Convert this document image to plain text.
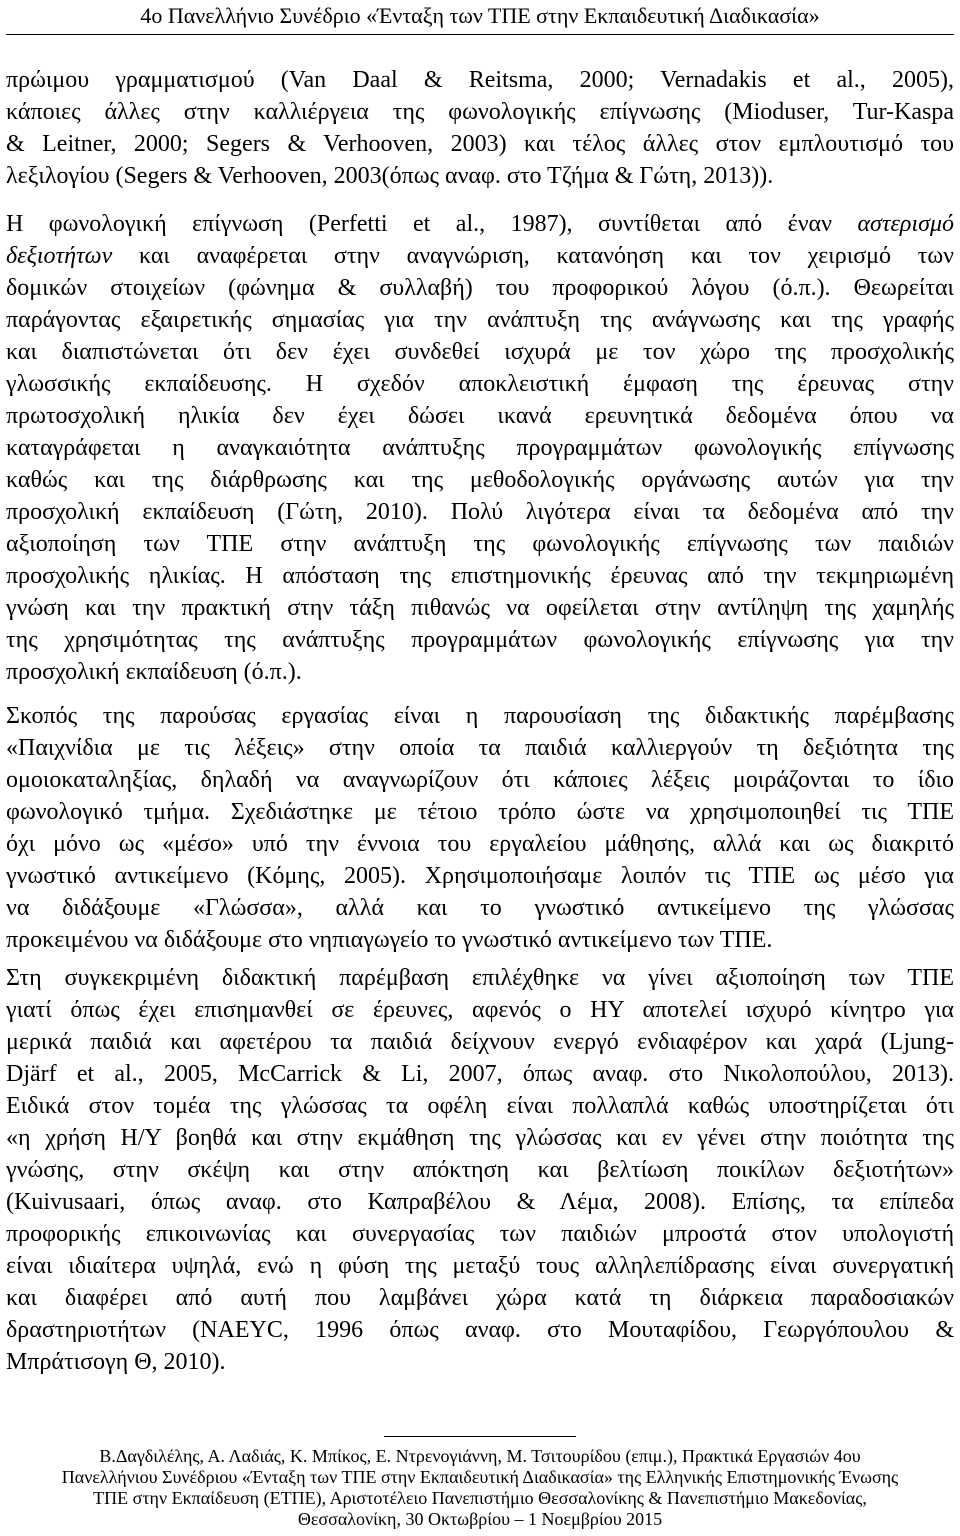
4ο Πανελλήνιο Συνέδριο «Ένταξη των ΤΠΕ στην Εκπαιδευτική Διαδικασία»

πρώιμου γραμματισμού (Van Daal & Reitsma, 2000; Vernadakis et al., 2005),

κάποιες άλλες στην καλλιέργεια της φωνολογικής επίγνωσης (Mioduser, Tur-Kaspa

& Leitner, 2000; Segers & Verhooven, 2003) και τέλος άλλες στον εμπλουτισμό του

λεξιλογίου (Segers & Verhooven, 2003(όπως αναφ. στο Τζήμα & Γώτη, 2013)).

Η φωνολογική επίγνωση (Perfetti et al., 1987), συντίθεται από έναν αστερισμό

δεξιοτήτων και αναφέρεται στην αναγνώριση, κατανόηση και τον χειρισμό των

δομικών στοιχείων (φώνημα & συλλαβή) του προφορικού λόγου (ό.π.). Θεωρείται

παράγοντας εξαιρετικής σημασίας για την ανάπτυξη της ανάγνωσης και της γραφής

και διαπιστώνεται ότι δεν έχει συνδεθεί ισχυρά με τον χώρο της προσχολικής

γλωσσικής εκπαίδευσης. Η σχεδόν αποκλειστική έμφαση της έρευνας στην

πρωτοσχολική ηλικία δεν έχει δώσει ικανά ερευνητικά δεδομένα όπου να

καταγράφεται η αναγκαιότητα ανάπτυξης προγραμμάτων φωνολογικής επίγνωσης

καθώς και της διάρθρωσης και της μεθοδολογικής οργάνωσης αυτών για την

προσχολική εκπαίδευση (Γώτη, 2010). Πολύ λιγότερα είναι τα δεδομένα από την

αξιοποίηση των ΤΠΕ στην ανάπτυξη της φωνολογικής επίγνωσης των παιδιών

προσχολικής ηλικίας. Η απόσταση της επιστημονικής έρευνας από την τεκμηριωμένη

γνώση και την πρακτική στην τάξη πιθανώς να οφείλεται στην αντίληψη της χαμηλής

της χρησιμότητας της ανάπτυξης προγραμμάτων φωνολογικής επίγνωσης για την

προσχολική εκπαίδευση (ό.π.).

Σκοπός της παρούσας εργασίας είναι η παρουσίαση της διδακτικής παρέμβασης

«Παιχνίδια με τις λέξεις» στην οποία τα παιδιά καλλιεργούν τη δεξιότητα της

ομοιοκαταληξίας, δηλαδή να αναγνωρίζουν ότι κάποιες λέξεις μοιράζονται το ίδιο

φωνολογικό τμήμα. Σχεδιάστηκε με τέτοιο τρόπο ώστε να χρησιμοποιηθεί τις ΤΠΕ

όχι μόνο ως «μέσο» υπό την έννοια του εργαλείου μάθησης, αλλά και ως διακριτό

γνωστικό αντικείμενο (Κόμης, 2005). Χρησιμοποιήσαμε λοιπόν τις ΤΠΕ ως μέσο για

να διδάξουμε «Γλώσσα», αλλά και το γνωστικό αντικείμενο της γλώσσας

προκειμένου να διδάξουμε στο νηπιαγωγείο το γνωστικό αντικείμενο των ΤΠΕ.

Στη συγκεκριμένη διδακτική παρέμβαση επιλέχθηκε να γίνει αξιοποίηση των ΤΠΕ

γιατί όπως έχει επισημανθεί σε έρευνες, αφενός ο ΗΥ αποτελεί ισχυρό κίνητρο για

μερικά παιδιά και αφετέρου τα παιδιά δείχνουν ενεργό ενδιαφέρον και χαρά (Ljung-

Djärf et al., 2005, McCarrick & Li, 2007, όπως αναφ. στο Νικολοπούλου, 2013).

Ειδικά στον τομέα της γλώσσας τα οφέλη είναι πολλαπλά καθώς υποστηρίζεται ότι

«η χρήση Η/Υ βοηθά και στην εκμάθηση της γλώσσας και εν γένει στην ποιότητα της

γνώσης, στην σκέψη και στην απόκτηση και βελτίωση ποικίλων δεξιοτήτων»

(Kuivusaari, όπως αναφ. στο Καπραβέλου & Λέμα, 2008). Επίσης, τα επίπεδα

προφορικής επικοινωνίας και συνεργασίας των παιδιών μπροστά στον υπολογιστή

είναι ιδιαίτερα υψηλά, ενώ η φύση της μεταξύ τους αλληλεπίδρασης είναι συνεργατική

και διαφέρει από αυτή που λαμβάνει χώρα κατά τη διάρκεια παραδοσιακών

δραστηριοτήτων (NAEYC, 1996 όπως αναφ. στο Μουταφίδου, Γεωργόπουλου &

Μπράτισογη Θ, 2010).

Β.Δαγδιλέλης, Α. Λαδιάς, Κ. Μπίκος, Ε. Ντρενογιάννη, Μ. Τσιτουρίδου (επιμ.), Πρακτικά Εργασιών 4ου

Πανελλήνιου Συνέδριου «Ένταξη των ΤΠΕ στην Εκπαιδευτική Διαδικασία» της Ελληνικής Επιστημονικής Ένωσης

ΤΠΕ στην Εκπαίδευση (ΕΤΠΕ), Αριστοτέλειο Πανεπιστήμιο Θεσσαλονίκης & Πανεπιστήμιο Μακεδονίας,

Θεσσαλονίκη, 30 Οκτωβρίου – 1 Νοεμβρίου 2015
